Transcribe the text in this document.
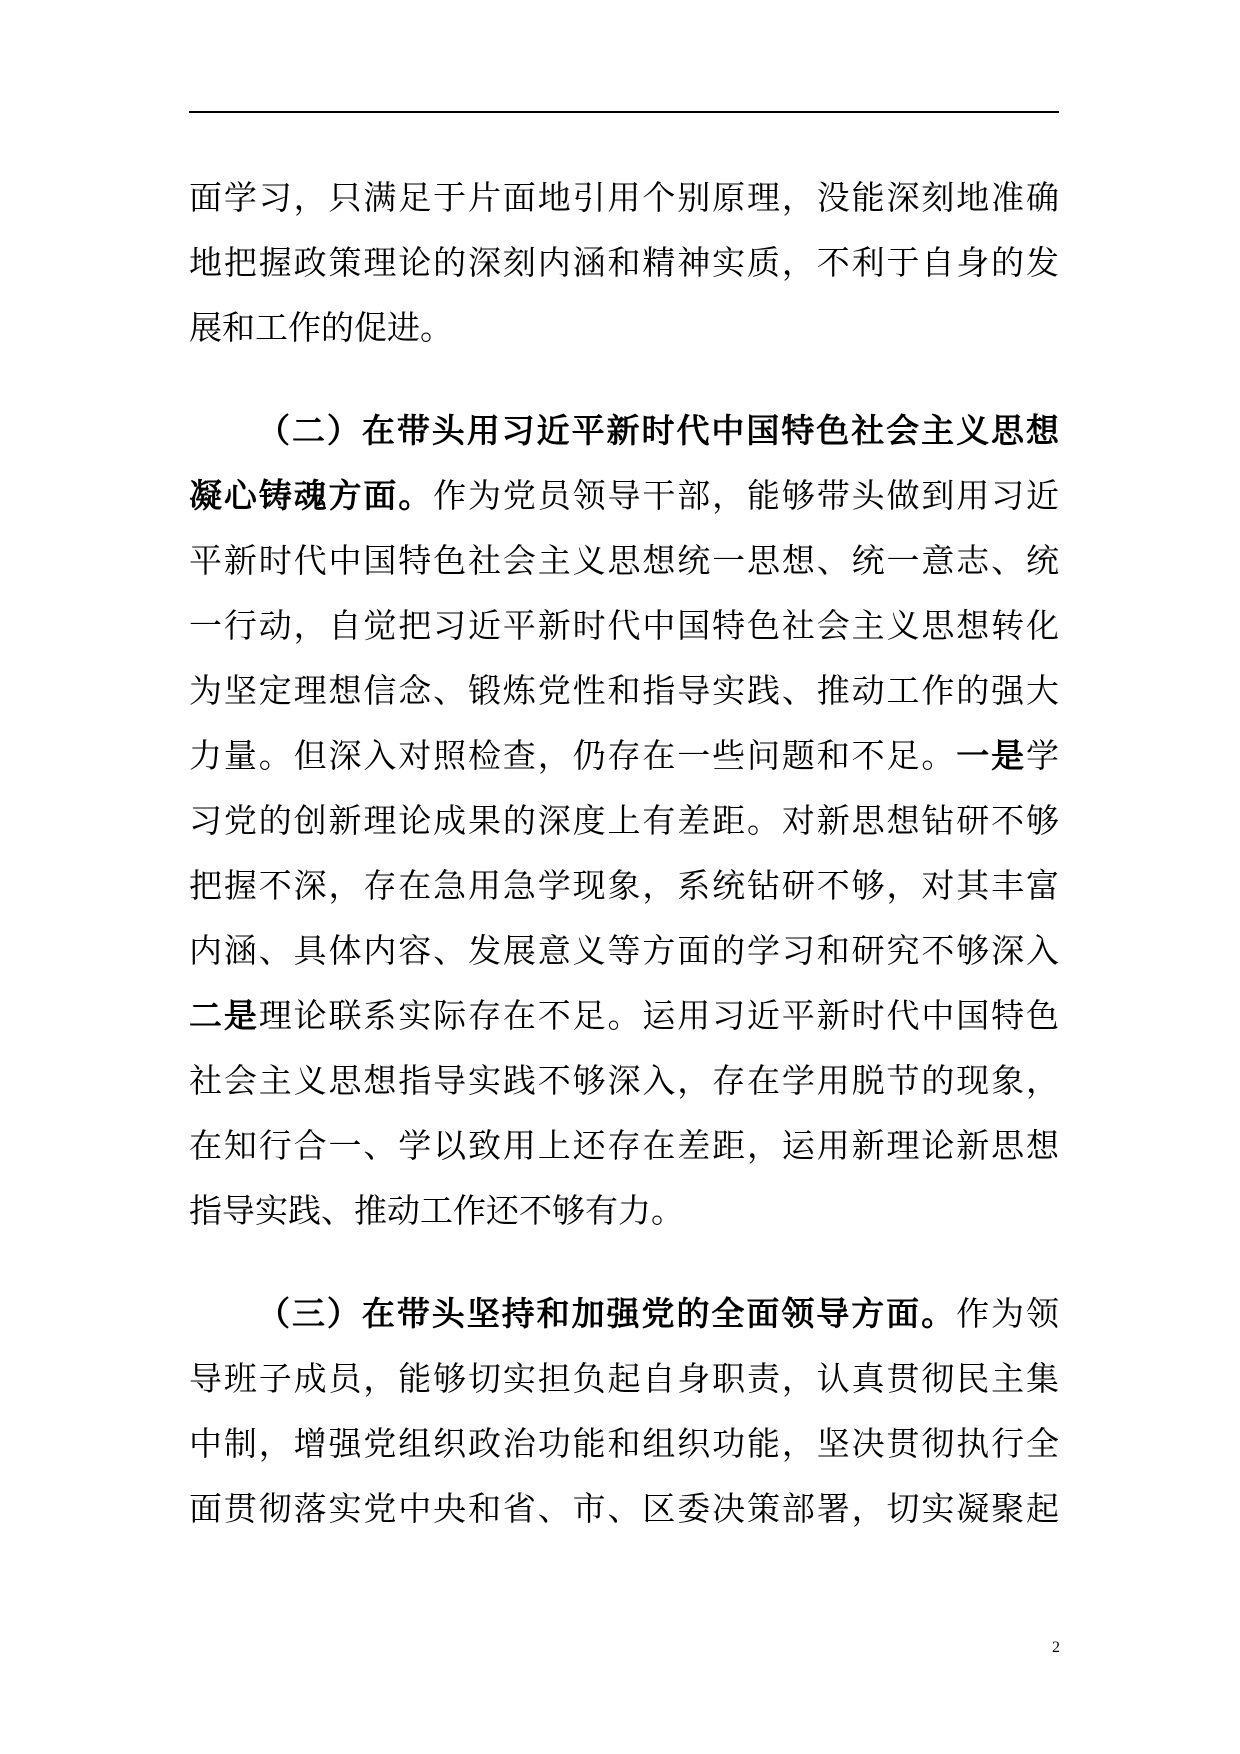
面学习，只满足于片面地引用个别原理，没能深刻地准确
地把握政策理论的深刻内涵和精神实质，不利于自身的发
展和工作的促进。
（二）在带头用习近平新时代中国特色社会主义思想
凝心铸魂方面。作为党员领导干部，能够带头做到用习近
平新时代中国特色社会主义思想统一思想、统一意志、统
一行动，自觉把习近平新时代中国特色社会主义思想转化
为坚定理想信念、锻炼党性和指导实践、推动工作的强大
力量。但深入对照检查，仍存在一些问题和不足。一是学
习党的创新理论成果的深度上有差距。对新思想钻研不够
把握不深，存在急用急学现象，系统钻研不够，对其丰富
内涵、具体内容、发展意义等方面的学习和研究不够深入
二是理论联系实际存在不足。运用习近平新时代中国特色
社会主义思想指导实践不够深入，存在学用脱节的现象，
在知行合一、学以致用上还存在差距，运用新理论新思想
指导实践、推动工作还不够有力。
（三）在带头坚持和加强党的全面领导方面。作为领
导班子成员，能够切实担负起自身职责，认真贯彻民主集
中制，增强党组织政治功能和组织功能，坚决贯彻执行全
面贯彻落实党中央和省、市、区委决策部署，切实凝聚起
2
